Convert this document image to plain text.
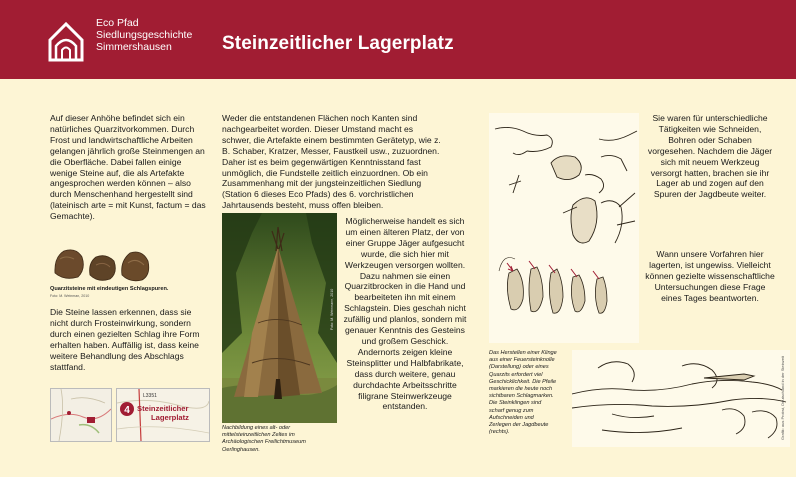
Eco Pfad
Siedlungsgeschichte
Simmershausen	Steinzeitlicher Lagerplatz

Auf dieser Anhöhe befindet sich ein natürliches Quarzitvorkommen. Durch Frost und landwirtschaftliche Arbeiten gelangen jährlich große Steinmengen an die Oberfläche. Dabei fallen einige wenige Steine auf, die als Artefakte angesprochen werden können – also durch Menschenhand hergestellt sind (lateinisch arte = mit Kunst, factum = das Gemachte).

Quarzitsteine mit eindeutigen Schlagspuren.

Foto: M. Weinman, 2010

Die Steine lassen erkennen, dass sie nicht durch Frosteinwirkung, sondern durch einen gezielten Schlag ihre Form erhalten haben. Auffällig ist, dass keine weitere Behandlung des Abschlags stattfand.

4
L3351
Steinzeitlicher
Lagerplatz

Weder die entstandenen Flächen noch Kanten sind nachgearbeitet worden. Dieser Umstand macht es schwer, die Artefakte einem bestimmten Gerätetyp, wie z. B. Schaber, Kratzer, Messer, Faustkeil usw., zuzuordnen. Daher ist es beim gegenwärtigen Kenntnisstand fast unmöglich, die Fundstelle zeitlich einzuordnen. Ob ein Zusammenhang mit der jungsteinzeitlichen Siedlung (Station 6 dieses Eco Pfads) des 6. vorchristlichen Jahrtausends besteht, muss offen bleiben.

Foto: M. Weinmann, 2010

Nachbildung eines alt- oder mittelsteinzeitlichen Zeltes im Archäologischen Freilichtmuseum Oerlinghausen.

Möglicherweise handelt es sich um einen älteren Platz, der von einer Gruppe Jäger aufgesucht wurde, die sich hier mit Werkzeugen versorgen wollten. Dazu nahmen sie einen Quarzitbrocken in die Hand und bearbeiteten ihn mit einem Schlagstein. Dies geschah nicht zufällig und planlos, sondern mit genauer Kenntnis des Gesteins und großem Geschick. Andernorts zeigen kleine Steinsplitter und Halbfabrikate, dass durch weitere, genau durchdachte Arbeitsschritte filigrane Steinwerkzeuge entstanden.

Das Herstellen einer Klinge aus einer Feuersteinknolle (Darstellung) oder eines Quarzits erfordert viel Geschicklichkeit. Die Pfeile markieren die heute noch sichtbaren Schlagmarken. Die Steinklingen sind scharf genug zum Aufschneiden und Zerlegen der Jagdbeute (rechts).	Grafik: aus Probst, Deutschland in der Steinzeit

Sie waren für unterschiedliche Tätigkeiten wie Schneiden, Bohren oder Schaben vorgesehen. Nachdem die Jäger sich mit neuem Werkzeug versorgt hatten, brachen sie ihr Lager ab und zogen auf den Spuren der Jagdbeute weiter.

Wann unsere Vorfahren hier lagerten, ist ungewiss. Vielleicht können gezielte wissenschaftliche Untersuchungen diese Frage eines Tages beantworten.
